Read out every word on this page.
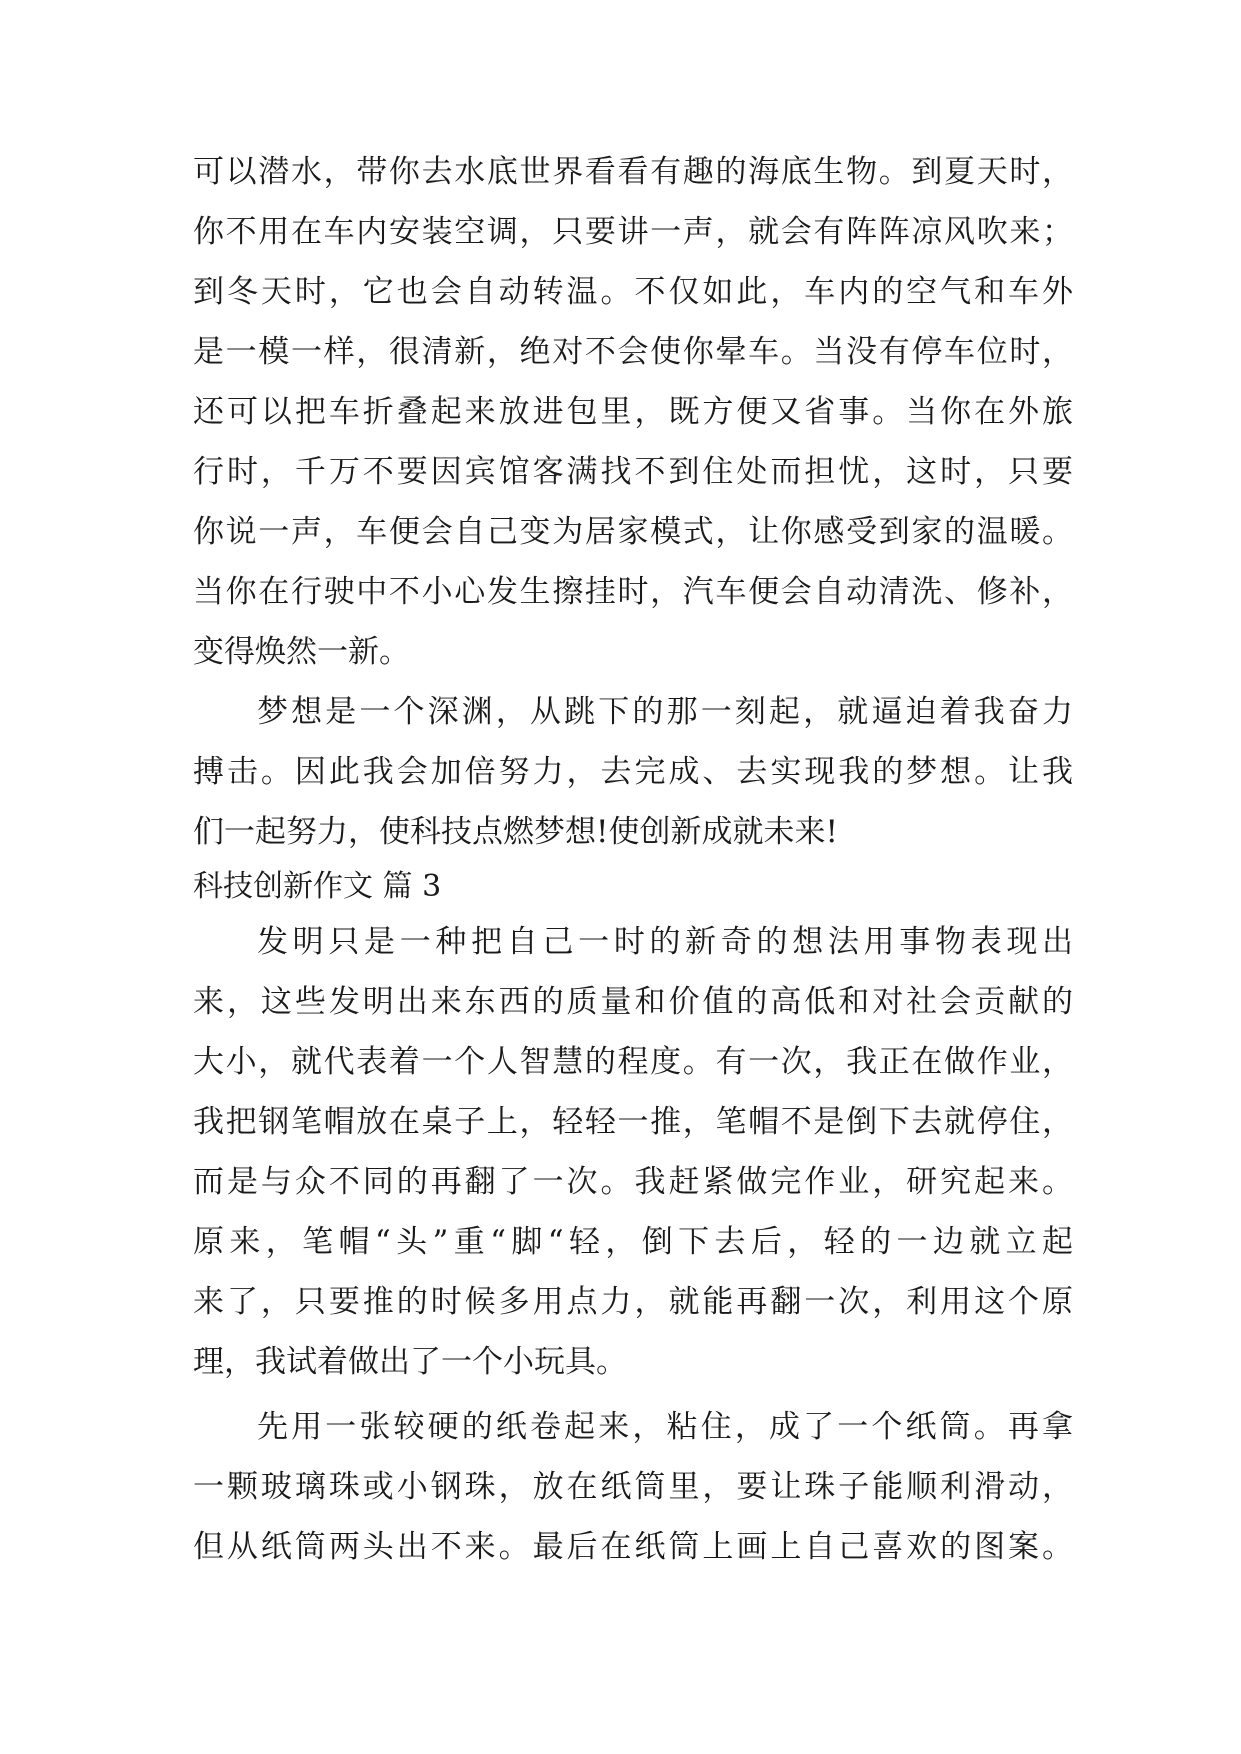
可以潜水，带你去水底世界看看有趣的海底生物。到夏天时，
你不用在车内安装空调，只要讲一声，就会有阵阵凉风吹来；
到冬天时，它也会自动转温。不仅如此，车内的空气和车外
是一模一样，很清新，绝对不会使你晕车。当没有停车位时，
还可以把车折叠起来放进包里，既方便又省事。当你在外旅
行时，千万不要因宾馆客满找不到住处而担忧，这时，只要
你说一声，车便会自己变为居家模式，让你感受到家的温暖。
当你在行驶中不小心发生擦挂时，汽车便会自动清洗、修补，
变得焕然一新。
梦想是一个深渊，从跳下的那一刻起，就逼迫着我奋力
搏击。因此我会加倍努力，去完成、去实现我的梦想。让我
们一起努力，使科技点燃梦想!使创新成就未来!
科技创新作文 篇 3
发明只是一种把自己一时的新奇的想法用事物表现出
来，这些发明出来东西的质量和价值的高低和对社会贡献的
大小，就代表着一个人智慧的程度。有一次，我正在做作业，
我把钢笔帽放在桌子上，轻轻一推，笔帽不是倒下去就停住，
而是与众不同的再翻了一次。我赶紧做完作业，研究起来。
原来，笔帽“头”重“脚“轻，倒下去后，轻的一边就立起
来了，只要推的时候多用点力，就能再翻一次，利用这个原
理，我试着做出了一个小玩具。
先用一张较硬的纸卷起来，粘住，成了一个纸筒。再拿
一颗玻璃珠或小钢珠，放在纸筒里，要让珠子能顺利滑动，
但从纸筒两头出不来。最后在纸筒上画上自己喜欢的图案。
